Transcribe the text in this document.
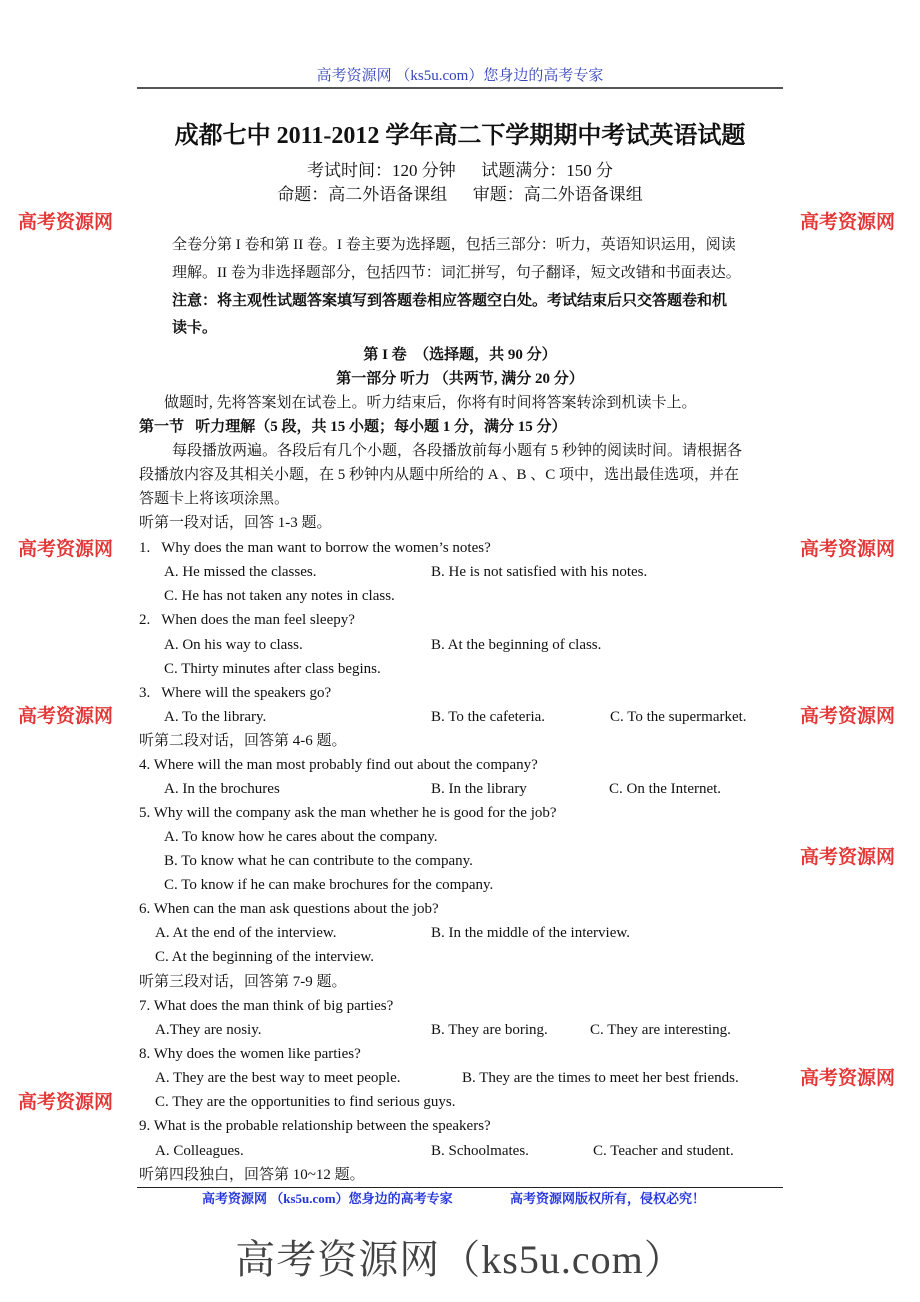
高考资源网 （ks5u.com）您身边的高考专家
成都七中 2011-2012 学年高二下学期期中考试英语试题
考试时间：120 分钟      试题满分：150 分
命题：高二外语备课组      审题：高二外语备课组
高考资源网	高考资源网
全卷分第 I 卷和第 II 卷。I 卷主要为选择题，包括三部分：听力，英语知识运用，阅读
理解。II 卷为非选择题部分，包括四节：词汇拼写，句子翻译，短文改错和书面表达。
注意：将主观性试题答案填写到答题卷相应答题空白处。考试结束后只交答题卷和机
读卡。
第 I 卷  （选择题，共 90 分）
第一部分 听力 （共两节, 满分 20 分）
做题时, 先将答案划在试卷上。听力结束后，你将有时间将答案转涂到机读卡上。
第一节   听力理解（5 段，共 15 小题；每小题 1 分，满分 15 分）
每段播放两遍。各段后有几个小题，各段播放前每小题有 5 秒钟的阅读时间。请根据各
段播放内容及其相关小题，在 5 秒钟内从题中所给的 A 、B 、C 项中，选出最佳选项，并在
答题卡上将该项涂黑。
听第一段对话，回答 1-3 题。
1.   Why does the man want to borrow the women’s notes?
A. He missed the classes.	B. He is not satisfied with his notes.
C. He has not taken any notes in class.
2.   When does the man feel sleepy?
A. On his way to class.	B. At the beginning of class.
C. Thirty minutes after class begins.
3.   Where will the speakers go?
A. To the library.	B. To the cafeteria.	C. To the supermarket.
听第二段对话，回答第 4-6 题。
4. Where will the man most probably find out about the company?
A. In the brochures	B. In the library	C. On the Internet.
5. Why will the company ask the man whether he is good for the job?
A. To know how he cares about the company.
B. To know what he can contribute to the company.
C. To know if he can make brochures for the company.
6. When can the man ask questions about the job?
A. At the end of the interview.	B. In the middle of the interview.
C. At the beginning of the interview.
听第三段对话，回答第 7-9 题。
7. What does the man think of big parties?
A.They are nosiy.	B. They are boring.	C. They are interesting.
8. Why does the women like parties?
A. They are the best way to meet people.	B. They are the times to meet her best friends.
C. They are the opportunities to find serious guys.
9. What is the probable relationship between the speakers?
A. Colleagues.	B. Schoolmates.	C. Teacher and student.
听第四段独白，回答第 10~12 题。
高考资源网 （ks5u.com）您身边的高考专家	高考资源网版权所有，侵权必究！
高考资源网	高考资源网
高考资源网	高考资源网
高考资源网
高考资源网
高考资源网
高考资源网（ks5u.com）
